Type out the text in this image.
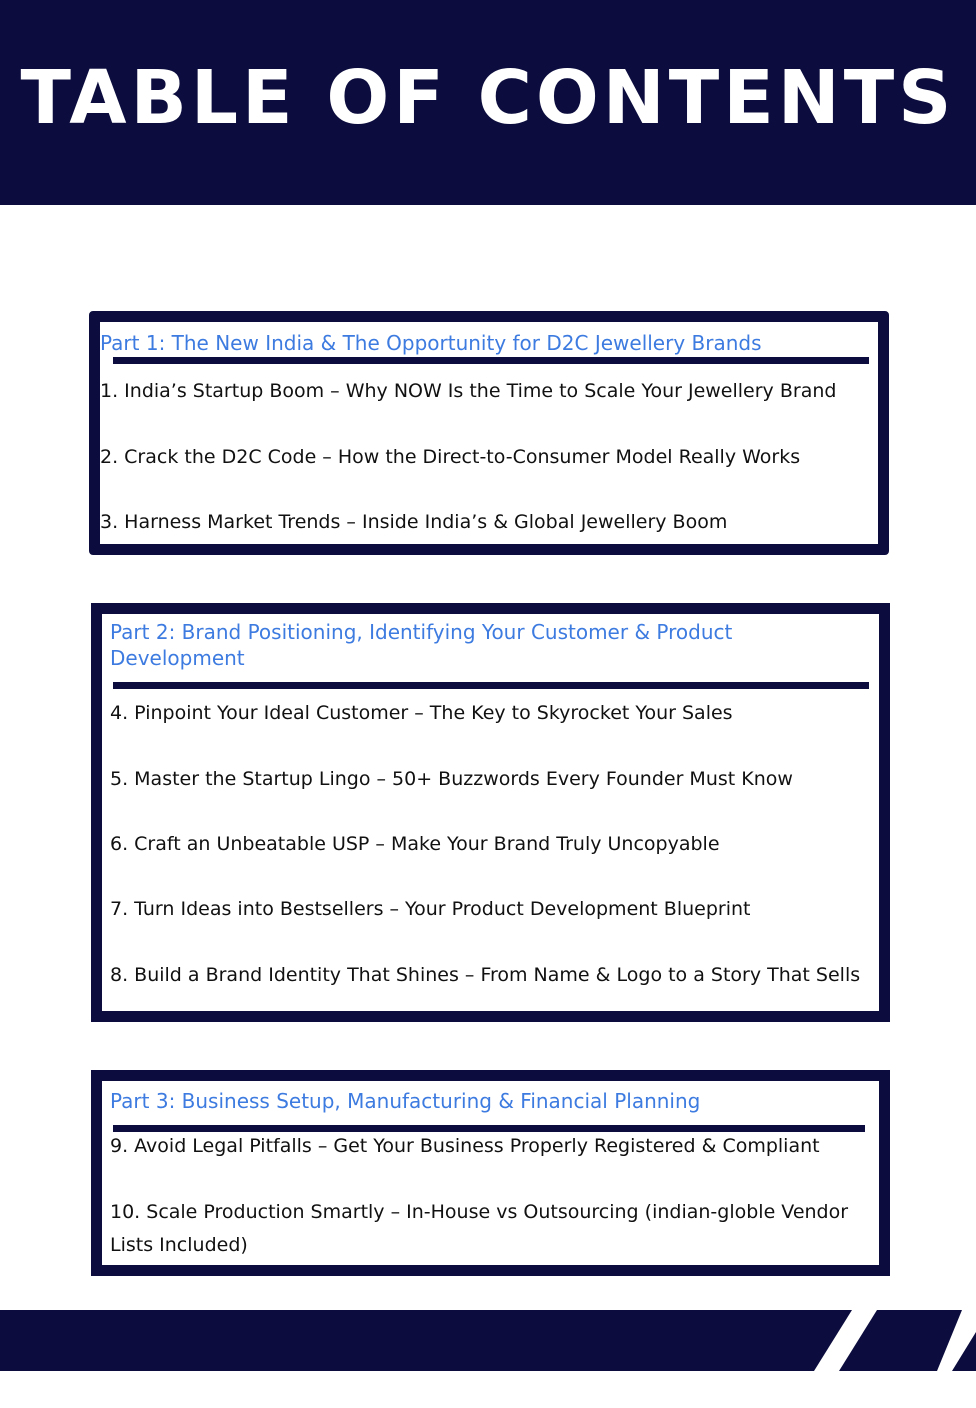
TABLE OF CONTENTS
Part 1: The New India & The Opportunity for D2C Jewellery Brands

1. India’s Startup Boom – Why NOW Is the Time to Scale Your Jewellery Brand

2. Crack the D2C Code – How the Direct-to-Consumer Model Really Works

3. Harness Market Trends – Inside India’s & Global Jewellery Boom

Part 2: Brand Positioning, Identifying Your Customer & Product Development

4. Pinpoint Your Ideal Customer – The Key to Skyrocket Your Sales

5. Master the Startup Lingo – 50+ Buzzwords Every Founder Must Know

6. Craft an Unbeatable USP – Make Your Brand Truly Uncopyable

7. Turn Ideas into Bestsellers – Your Product Development Blueprint

8. Build a Brand Identity That Shines – From Name & Logo to a Story That Sells

Part 3: Business Setup, Manufacturing & Financial Planning

9. Avoid Legal Pitfalls – Get Your Business Properly Registered & Compliant

10. Scale Production Smartly – In-House vs Outsourcing (indian-globle Vendor Lists Included)
